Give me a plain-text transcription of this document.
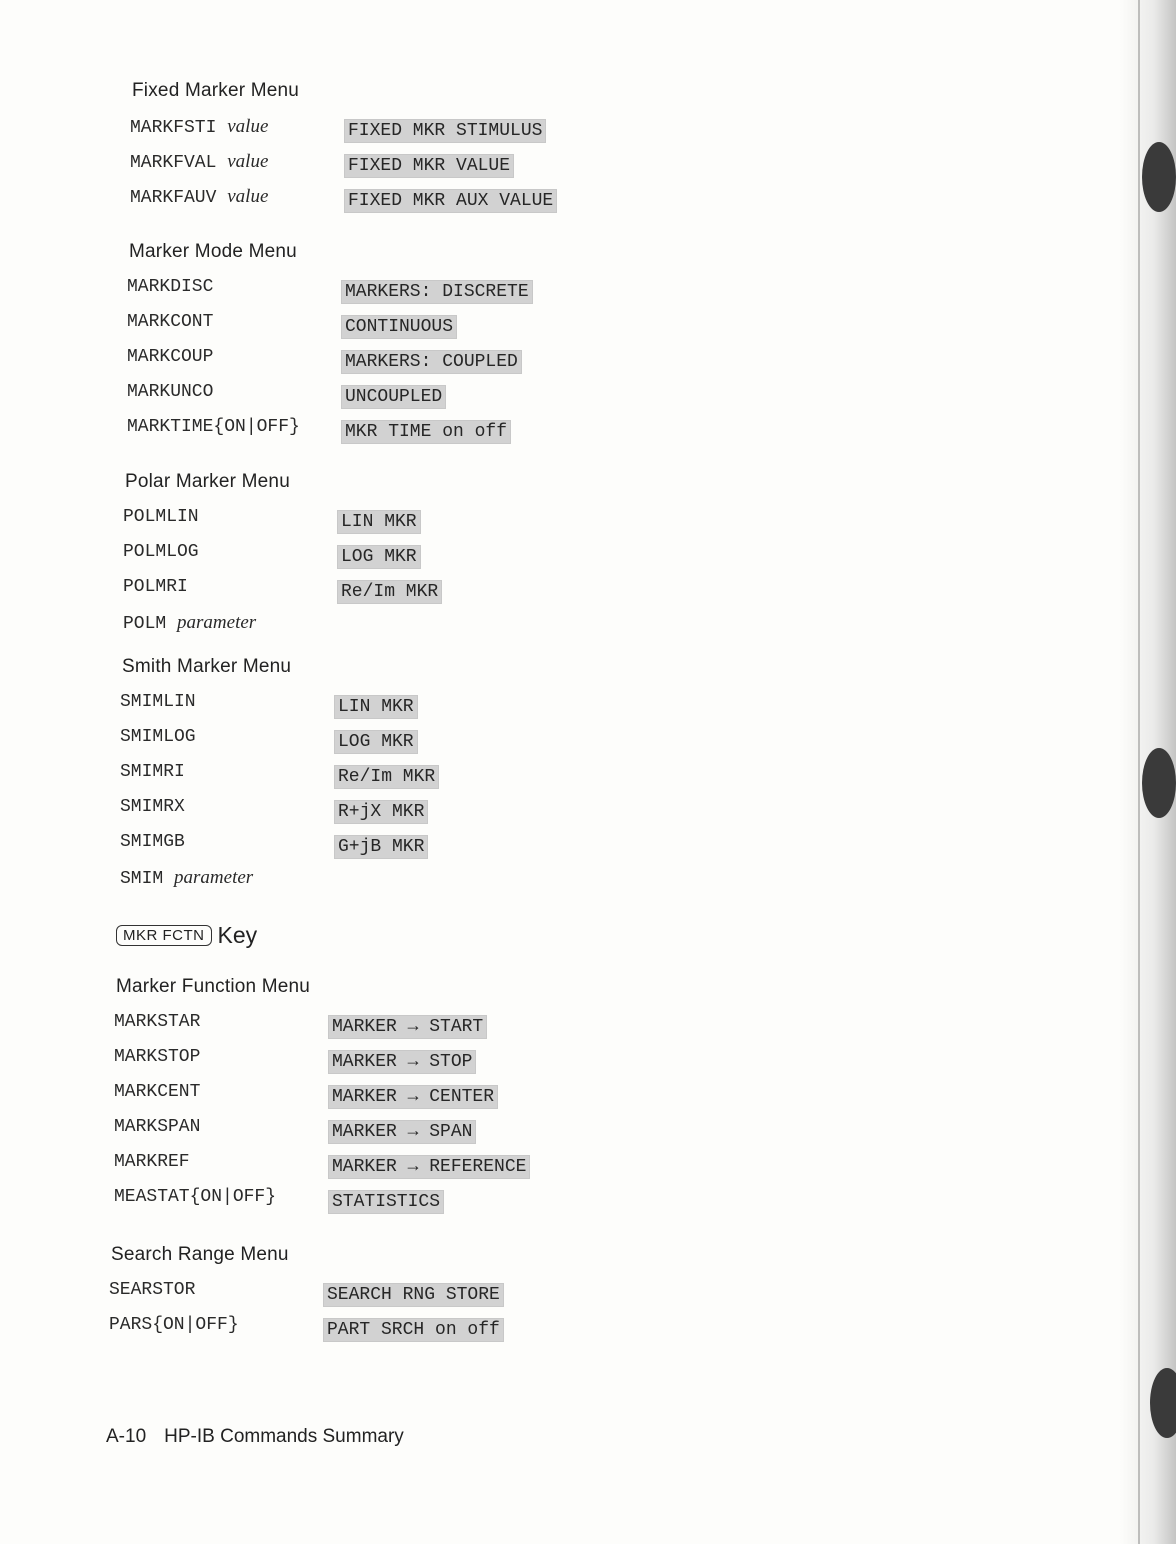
Fixed Marker Menu
MARKFSTI value	FIXED MKR STIMULUS
MARKFVAL value	FIXED MKR VALUE
MARKFAUV value	FIXED MKR AUX VALUE
Marker Mode Menu
MARKDISC	MARKERS: DISCRETE
MARKCONT	CONTINUOUS
MARKCOUP	MARKERS: COUPLED
MARKUNCO	UNCOUPLED
MARKTIME{ON|OFF}	MKR TIME on off
Polar Marker Menu
POLMLIN	LIN MKR
POLMLOG	LOG MKR
POLMRI	Re/Im MKR
POLM parameter
Smith Marker Menu
SMIMLIN	LIN MKR
SMIMLOG	LOG MKR
SMIMRI	Re/Im MKR
SMIMRX	R+jX MKR
SMIMGB	G+jB MKR
SMIM parameter
MKR FCTN Key
Marker Function Menu
MARKSTAR	MARKER → START
MARKSTOP	MARKER → STOP
MARKCENT	MARKER → CENTER
MARKSPAN	MARKER → SPAN
MARKREF	MARKER → REFERENCE
MEASTAT{ON|OFF}	STATISTICS
Search Range Menu
SEARSTOR	SEARCH RNG STORE
PARS{ON|OFF}	PART SRCH on off
A-10 HP-IB Commands Summary
